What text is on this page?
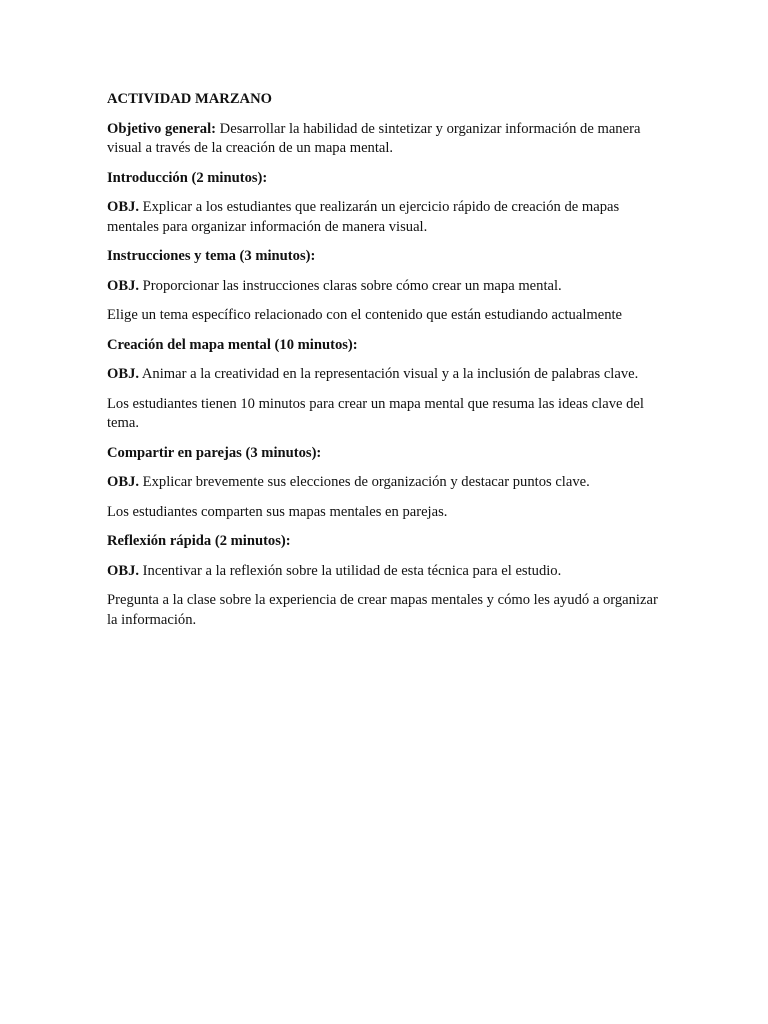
ACTIVIDAD MARZANO

Objetivo general: Desarrollar la habilidad de sintetizar y organizar información de manera visual a través de la creación de un mapa mental.

Introducción (2 minutos):

OBJ. Explicar a los estudiantes que realizarán un ejercicio rápido de creación de mapas mentales para organizar información de manera visual.

Instrucciones y tema (3 minutos):

OBJ. Proporcionar las instrucciones claras sobre cómo crear un mapa mental.

Elige un tema específico relacionado con el contenido que están estudiando actualmente

Creación del mapa mental (10 minutos):

OBJ. Animar a la creatividad en la representación visual y a la inclusión de palabras clave.

Los estudiantes tienen 10 minutos para crear un mapa mental que resuma las ideas clave del tema.

Compartir en parejas (3 minutos):

OBJ. Explicar brevemente sus elecciones de organización y destacar puntos clave.

Los estudiantes comparten sus mapas mentales en parejas.

Reflexión rápida (2 minutos):

OBJ. Incentivar a la reflexión sobre la utilidad de esta técnica para el estudio.

Pregunta a la clase sobre la experiencia de crear mapas mentales y cómo les ayudó a organizar la información.
